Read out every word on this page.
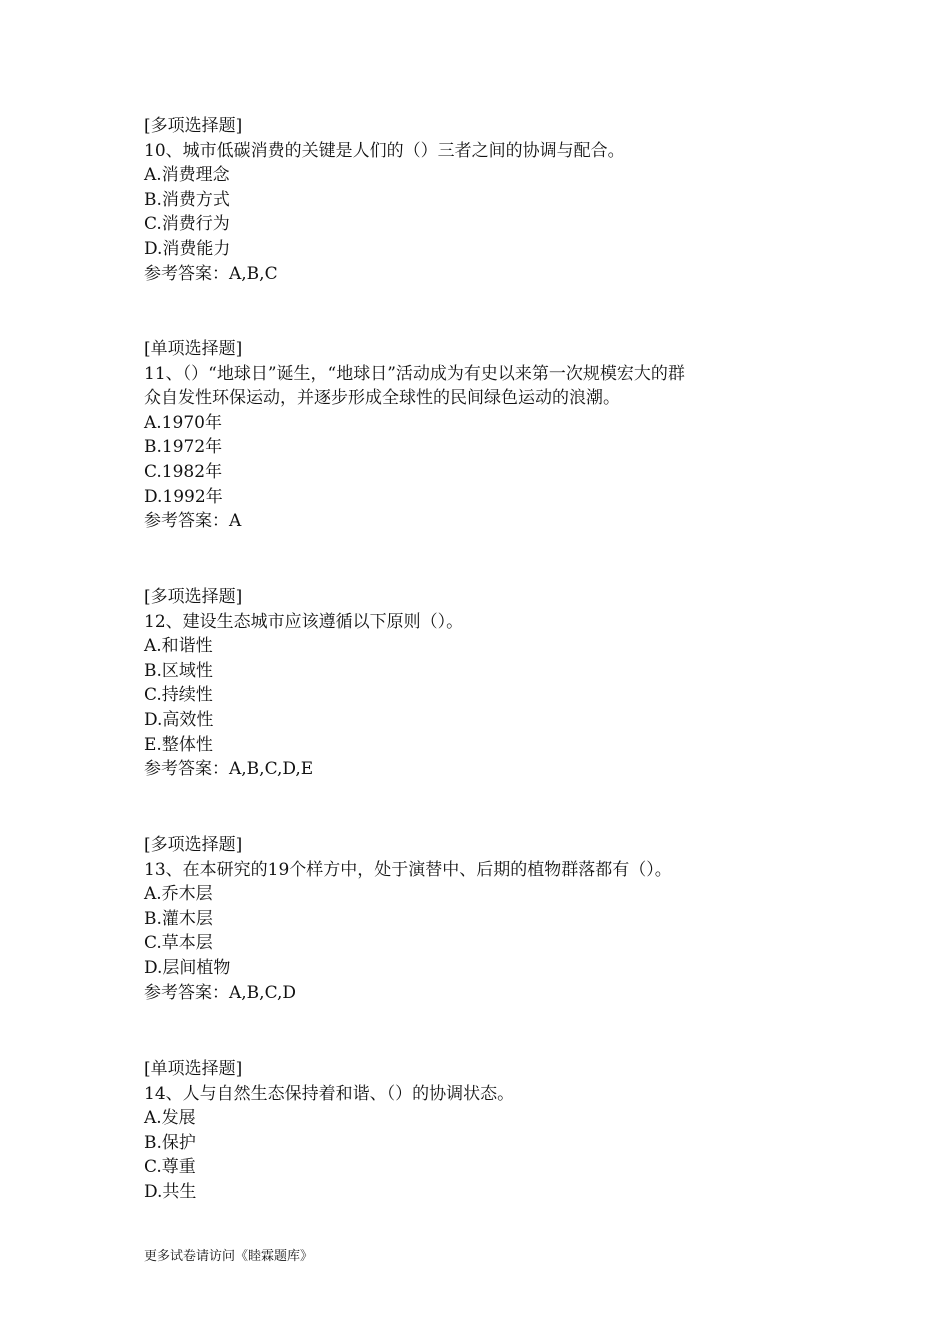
[多项选择题]
10、城市低碳消费的关键是人们的（）三者之间的协调与配合。
A.消费理念
B.消费方式
C.消费行为
D.消费能力
参考答案：A,B,C
[单项选择题]
11、（）“地球日”诞生，“地球日”活动成为有史以来第一次规模宏大的群
众自发性环保运动，并逐步形成全球性的民间绿色运动的浪潮。
A.1970年
B.1972年
C.1982年
D.1992年
参考答案：A
[多项选择题]
12、建设生态城市应该遵循以下原则（）。
A.和谐性
B.区域性
C.持续性
D.高效性
E.整体性
参考答案：A,B,C,D,E
[多项选择题]
13、在本研究的19个样方中，处于演替中、后期的植物群落都有（）。
A.乔木层
B.灌木层
C.草本层
D.层间植物
参考答案：A,B,C,D
[单项选择题]
14、人与自然生态保持着和谐、（）的协调状态。
A.发展
B.保护
C.尊重
D.共生
更多试卷请访问《睦霖题库》
